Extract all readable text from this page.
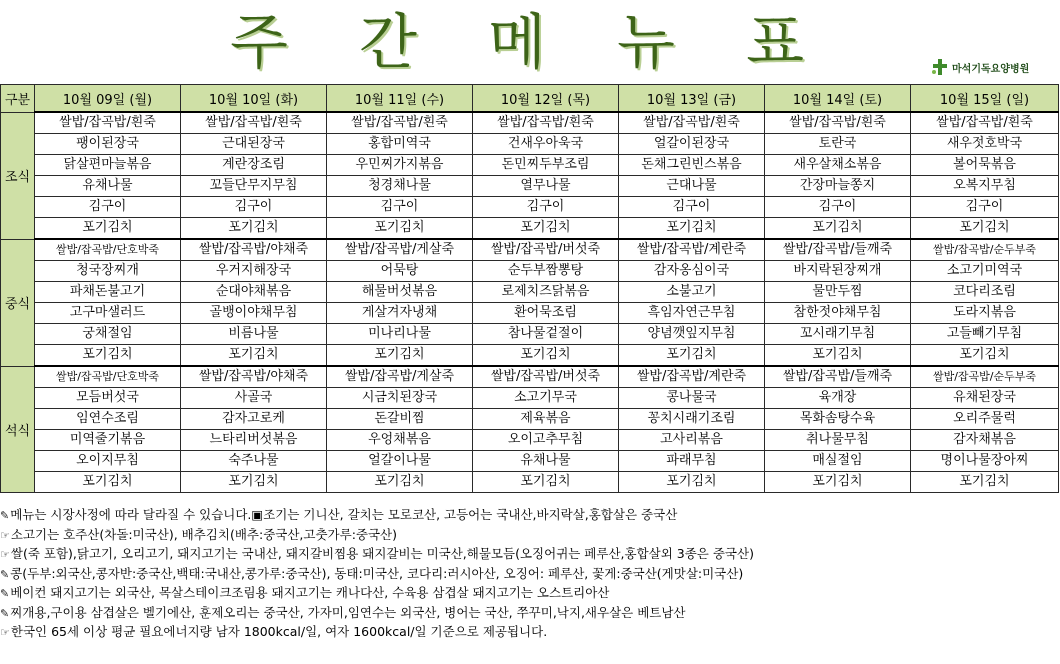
주 간 메 뉴 표	마석기독요양병원
구분	10월 09일 (월)	10월 10일 (화)	10월 11일 (수)	10월 12일 (목)	10월 13일 (금)	10월 14일 (토)	10월 15일 (일)
조식	쌀밥/잡곡밥/흰죽	쌀밥/잡곡밥/흰죽	쌀밥/잡곡밥/흰죽	쌀밥/잡곡밥/흰죽	쌀밥/잡곡밥/흰죽	쌀밥/잡곡밥/흰죽	쌀밥/잡곡밥/흰죽
	팽이된장국	근대된장국	홍합미역국	건새우아욱국	얼갈이된장국	토란국	새우젓호박국
	닭살편마늘볶음	계란장조림	우민찌가지볶음	돈민찌두부조림	돈채그린빈스볶음	새우살채소볶음	볼어묵볶음
	유채나물	꼬들단무지무침	청경채나물	열무나물	근대나물	간장마늘쫑지	오복지무침
	김구이	김구이	김구이	김구이	김구이	김구이	김구이
	포기김치	포기김치	포기김치	포기김치	포기김치	포기김치	포기김치
중식	쌀밥/잡곡밥/단호박죽	쌀밥/잡곡밥/야채죽	쌀밥/잡곡밥/게살죽	쌀밥/잡곡밥/버섯죽	쌀밥/잡곡밥/계란죽	쌀밥/잡곡밥/들깨죽	쌀밥/잡곡밥/순두부죽
	청국장찌개	우거지해장국	어묵탕	순두부짬뽕탕	감자옹심이국	바지락된장찌개	소고기미역국
	파채돈불고기	순대야채볶음	해물버섯볶음	로제치즈닭볶음	소불고기	물만두찜	코다리조림
	고구마샐러드	골뱅이야채무침	게살겨자냉채	환어묵조림	흑임자연근무침	참한젓야채무침	도라지볶음
	궁채절임	비름나물	미나리나물	참나물겉절이	양념깻잎지무침	꼬시래기무침	고들빼기무침
	포기김치	포기김치	포기김치	포기김치	포기김치	포기김치	포기김치
석식	쌀밥/잡곡밥/단호박죽	쌀밥/잡곡밥/야채죽	쌀밥/잡곡밥/게살죽	쌀밥/잡곡밥/버섯죽	쌀밥/잡곡밥/계란죽	쌀밥/잡곡밥/들깨죽	쌀밥/잡곡밥/순두부죽
	모듬버섯국	사골국	시금치된장국	소고기무국	콩나물국	육개장	유채된장국
	임연수조림	감자고로케	돈갈비찜	제육볶음	꽁치시래기조림	목화솜탕수육	오리주물럭
	미역줄기볶음	느타리버섯볶음	우엉채볶음	오이고추무침	고사리볶음	취나물무침	감자채볶음
	오이지무침	숙주나물	얼갈이나물	유채나물	파래무침	매실절임	명이나물장아찌
	포기김치	포기김치	포기김치	포기김치	포기김치	포기김치	포기김치
✎메뉴는 시장사정에 따라 달라질 수 있습니다.▣조기는 기니산, 갈치는 모로코산, 고등어는 국내산,바지락살,홍합살은 중국산
☞소고기는 호주산(차돌:미국산), 배추김치(배추:중국산,고춧가루:중국산)
☞쌀(죽 포함),닭고기, 오리고기, 돼지고기는 국내산, 돼지갈비찜용 돼지갈비는 미국산,해물모듬(오징어귀는 페루산,홍합살외 3종은 중국산)
✎콩(두부:외국산,콩자반:중국산,백태:국내산,콩가루:중국산), 동태:미국산, 코다리:러시아산, 오징어: 페루산, 꽃게:중국산(게맛살:미국산)
✎베이컨 돼지고기는 외국산, 목살스테이크조림용 돼지고기는 캐나다산, 수육용 삼겹살 돼지고기는 오스트리아산
✎찌개용,구이용 삼겹살은 벨기에산, 훈제오리는 중국산, 가자미,임연수는 외국산, 병어는 국산, 쭈꾸미,낙지,새우살은 베트남산
☞한국인 65세 이상 평균 필요에너지량 남자 1800kcal/일, 여자 1600kcal/일 기준으로 제공됩니다.
